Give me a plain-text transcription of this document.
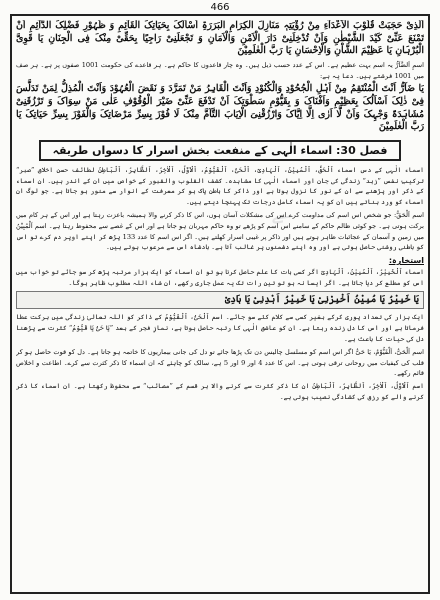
466
ـے

اَلَّذِیْ حَجَبَتْ قُلُوْبَ الْاَعْدَآءِ مِنْ رُؤْیَتِہٖ مَنَازِلَ الْکِرَامِ الْبَرَرَۃِ اَسْاَلُکَ بِحَیَاتِکَ الْقَآئِمِ وَ ظُہُوْرِ فَضْلِکَ الدَّآئِمِ اَنْ تَمْنَعَ عَنِّیْ کَیْدَ الشَّیْطٰنِ وَاَنْ تُدْخِلَنِیْ دَارَ الْاَمْنِ وَالْاَمَانِ وَ تَجْعَلَنِیْ رَاجِیًا بِحَقِّیْ مِنْکَ فِی الْجِنَانِ یَا قَوِیَّ الْبُرْہَانِ یَا عَظِیْمَ الشَّاْنِ وَالْاِحْسَانِ یَا رَبَّ الْعٰلَمِیْنَ

اسمِ اَلضَّآرُّ یہ اسم بہت عظیم ہے۔ اس کے عدد حسب ذیل ہیں۔ وہ چار قاعدوں کا حاکم ہے۔ ہر قاعدے کی حکومت 1001 صفوں پر ہے۔ ہر صف میں 1001 فرشتے ہیں۔ دعا یہ ہے:

یَا ضَآرُّ اَنْتَ الْمُنْتَقِمُ مِنْ اَہْلِ الْجُحُوْدِ وَالْکُنُوْدِ وَاَنْتَ الْقَاہِرُ مَنْ تَمَرَّدَ وَ نَقَضَ الْعُہُوْدَ وَاَنْتَ الْمُذِلُّ لِمَنْ تَدَلَّسَ فِیْ ذٰلِکَ اَسْاَلُکَ بِعَظِیْمِ وَاَفْنَاکَ وَ بِقَیُّوْمِ سَطْوَتِکَ اَنْ تَدْفَعَ عَنِّیْ ضَیْرَ الْوُقُوْفِ عَلٰی مَنْ سِوَاکَ وَ تَرْزُقَنِیْ مُشَاہَدَۃً وَجْہِکَ وَاَنْ لَّا اَرٰی اِلَّا اِیَّاکَ وَارْزُقْنِیَ الْاِیَابَ التَّآمَّ مِنْکَ لَا فُوْزَ بِسِرِّ مَرْضَاتِکَ وَالْفَوْزَ بِسِرِّ حَیَاتِکَ یَا رَبَّ الْعٰلَمِیْنَ

فصل 30: اسماء الٰہی کے منفعت بخش اسرار کا دسواں طریقہ

اسماء الٰہی کے دس اسماء اَلْحَقُّ، اَلْمُبِیْنُ، اَلْہَادِیْ، اَلْحَیُّ، اَلْقَیُّوْمُ، اَلْاَوَّلُ، اَلْاٰخِرُ، اَلظَّاہِرُ، اَلْبَاطِنُ لطائف حسن اخلاق ”صبر“ ترکیبِ نفس ”زہد“ زندگی کی جان اور اسماء الٰہی کا مشاہدہ۔ کشف القلوب والقبور کے خواص میں ان کے اندر ہیں۔ ان اسماء کے ذکر اور پڑھنے سے ان کے نور کا نزول ہوتا ہے اور ذاکر کا باطن پاک ہو کر معرفت کے انوار سے منور ہو جاتا ہے۔ جو لوگ ان اسماء کو ورد بناتے ہیں ان کو یہ اسماء کامل درجات تک پہنچا دیتے ہیں۔

اسم اَلْحَقُّ: جو شخص اس اسم کی مداومت کرے اس کی مشکلات آسان ہوں، اس کا ذکر کرنے والا ہمیشہ باعزت رہتا ہے اور اس کے ہر کام میں برکت ہوتی ہے۔ جو کوئی ظالم حاکم کے سامنے اس اسم کو پڑھے تو وہ حاکم مہربان ہو جاتا ہے اور اس کے غصے سے محفوظ رہتا ہے۔ اسم اَلْمُبِیْنُ میں زمین و آسمان کے عجائبات ظاہر ہوتے ہیں اور ذاکر پر غیبی اسرار کھلتے ہیں۔ اگر اس اسم کا عدد 133 پڑھ کر اپنے اوپر دم کرے تو اس کو باطنی روشنی حاصل ہوتی ہے اور وہ اپنے دشمنوں پر غالب آتا ہے۔ بادشاہ اس سے مرعوب ہوتے ہیں۔

استخارہ:

اسماء اَلْخَبِیْرُ، اَلْمُبِیْنُ، اَلْہَادِیْ اگر کسی بات کا علم حاصل کرنا ہو تو ان اسماء کو ایک ہزار مرتبہ پڑھ کر سو جائے تو خواب میں اس کو مطلع کر دیا جاتا ہے۔ اگر ایسا نہ ہو تو تین رات تک یہ عمل جاری رکھے، ان شاء اللہ مطلوب ظاہر ہوگا۔

یَا خَبِیْرُ یَا مُبِیْنُ اَخْبِرْنِیْ یَا خَبِیْرُ اَہْدِنِیْ یَا ہَادِیْ

ایک ہزار کی تعداد پوری کرکے بغیر کسی سے کلام کئے سو جائے۔ اسم اَلْحَیُّ، اَلْقَیُّوْمُ کے ذاکر کو اللہ تعالیٰ زندگی میں برکت عطا فرماتا ہے اور اس کا دل زندہ رہتا ہے۔ ان کو عاشق الٰہی کا رتبہ حاصل ہوتا ہے، نمازِ فجر کے بعد ”یَا حَیُّ یَا قَیُّوْمُ“ کثرت سے پڑھنا دل کی حیات کا باعث ہے۔

اسم اَلْحَیُّ، اَلْقَیُّوْمُ، یَا حَیُّ اگر اس اسم کو مسلسل چالیس دن تک پڑھا جائے تو دل کی جانی بیماریوں کا خاتمہ ہو جاتا ہے۔ دل کو قوت حاصل ہو کر قلب کی کیفیات میں روحانی ترقی ہوتی ہے۔ اس کا عدد 4 اور 9 اور 5 ہے، سالک کو چاہئے کہ ان اسماء کا ذکر کثرت سے کرے۔ اطاعت و اخلاص قائم رکھے۔

اسم اَلْاَوَّلُ، اَلْاٰخِرُ، اَلظَّاہِرُ، اَلْبَاطِنُ ان کا ذکر کثرت سے کرنے والا ہر قسم کے ”مصائب“ سے محفوظ رکھتا ہے۔ ان اسماء کا ذکر کرنے والے کو رزق کی کشادگی نصیب ہوتی ہے۔
